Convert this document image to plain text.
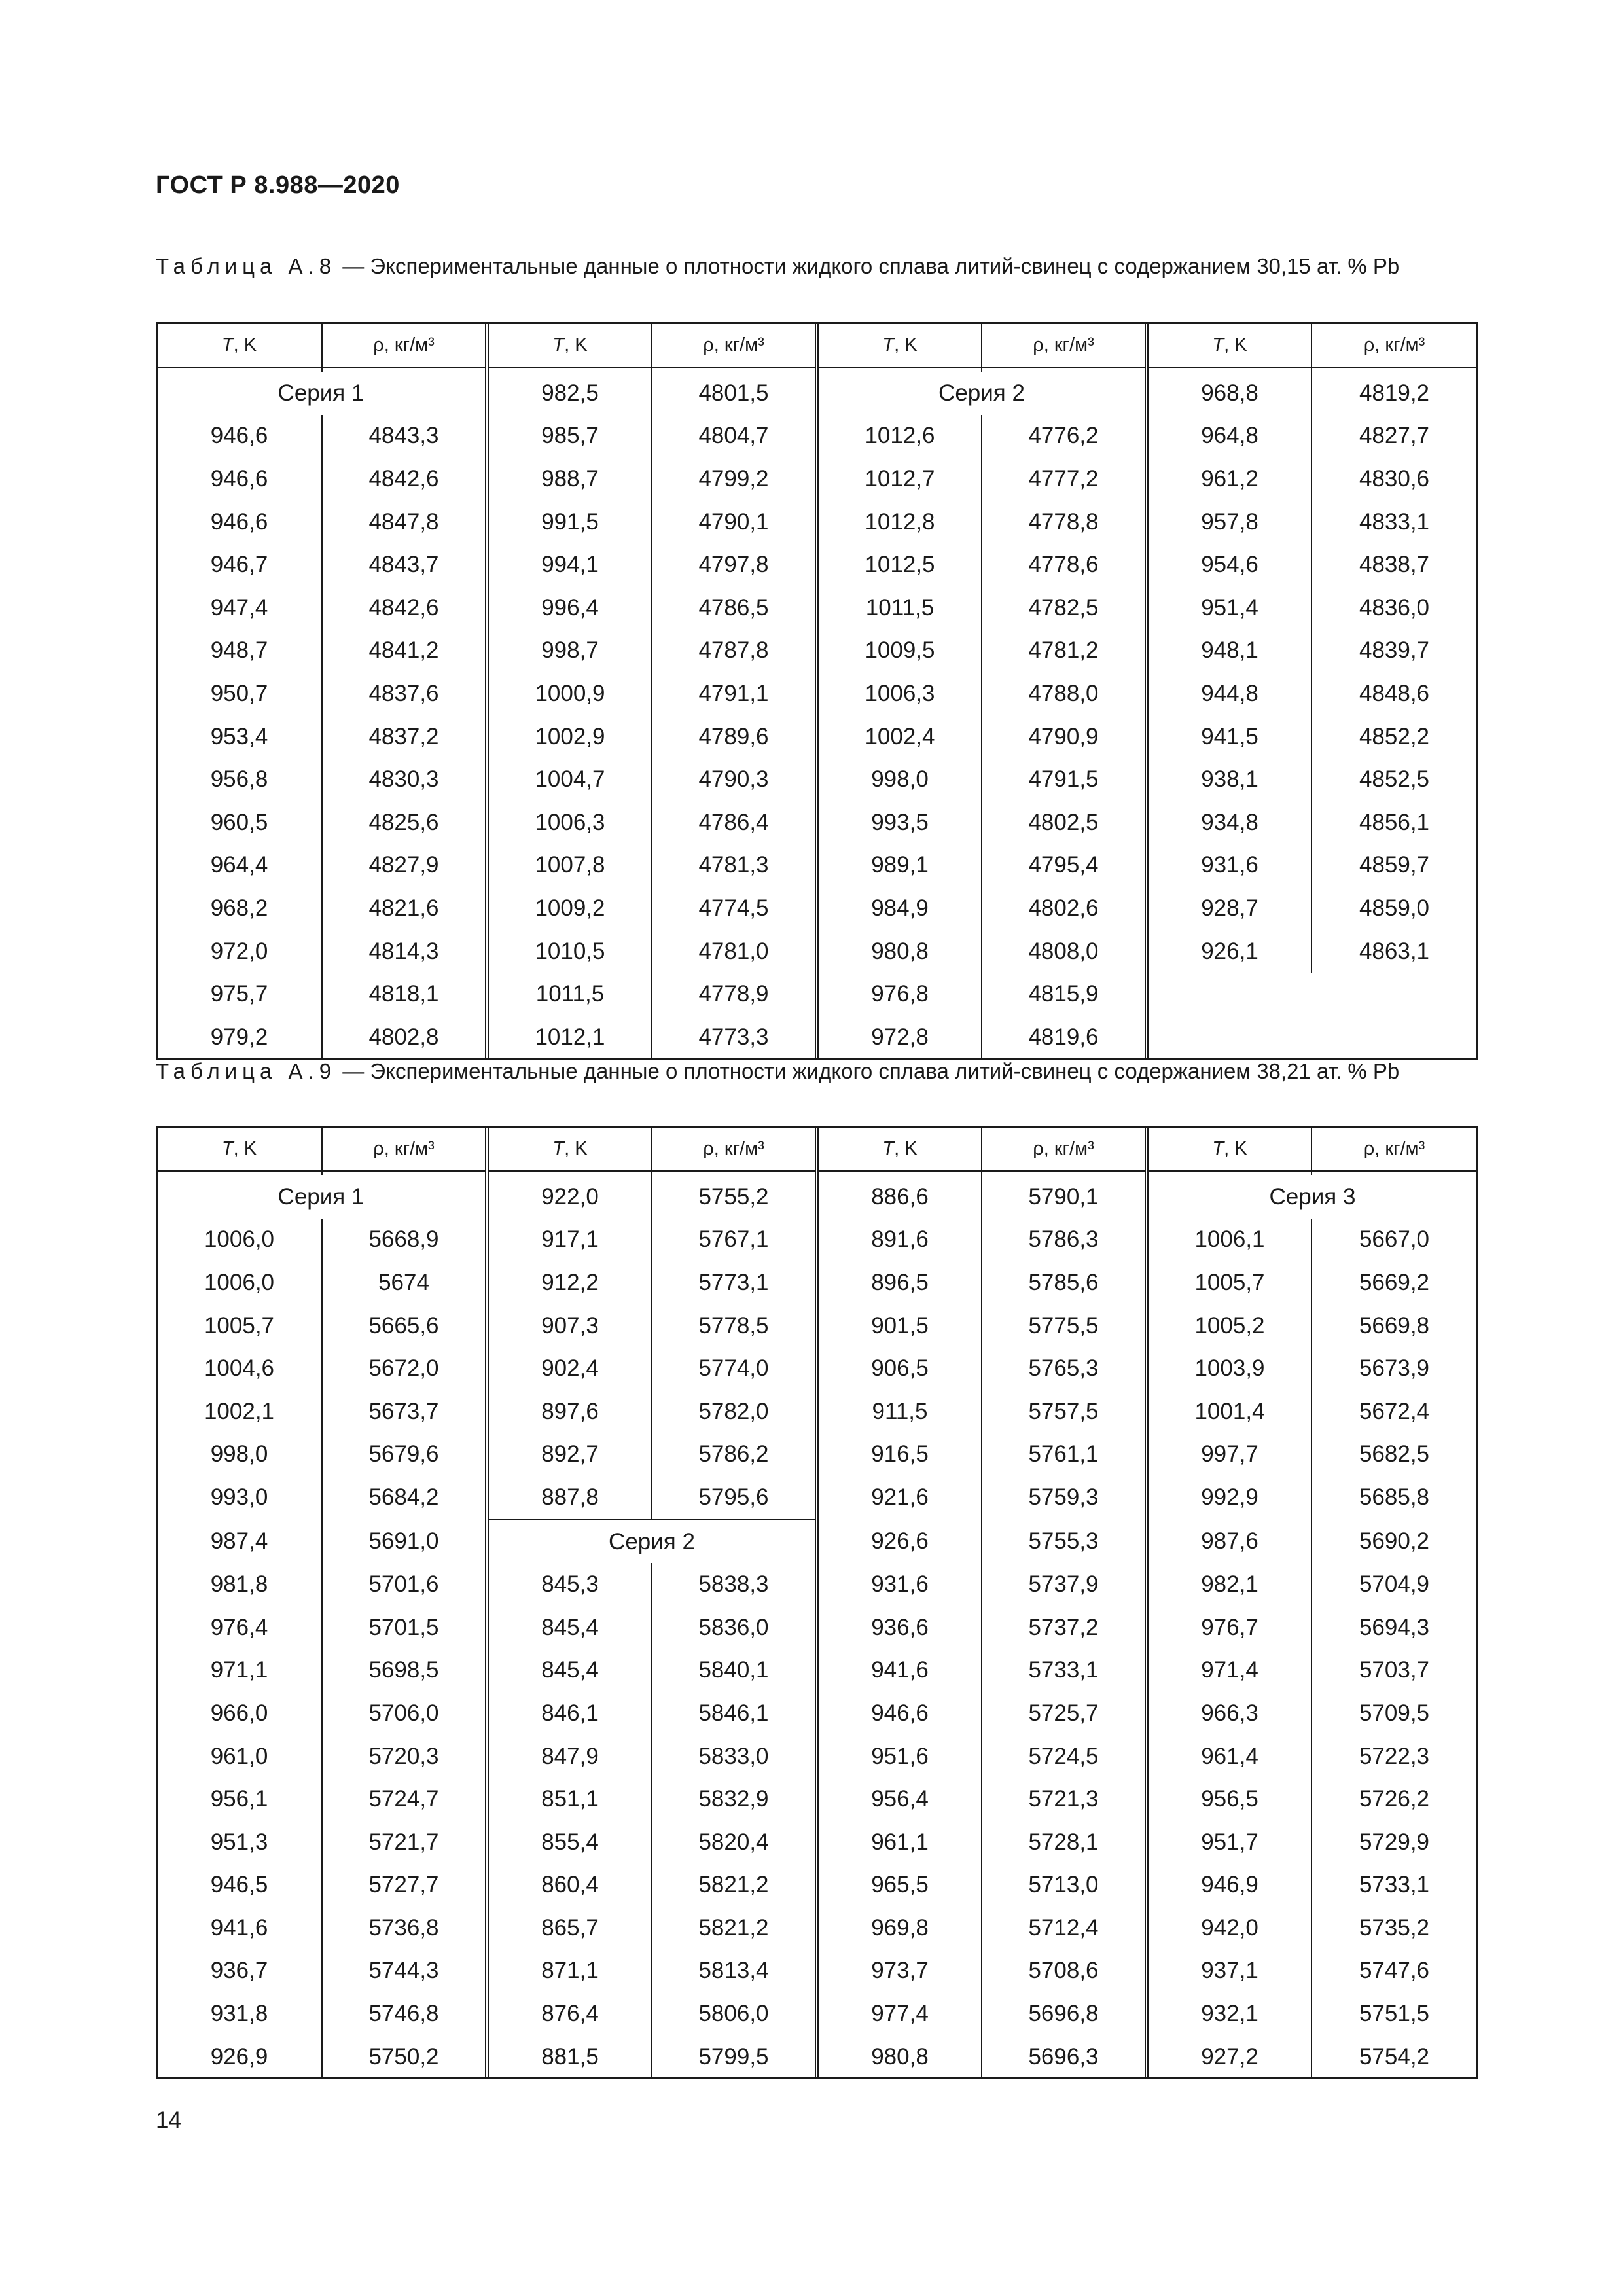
ГОСТ Р 8.988—2020
Таблица А.8 — Экспериментальные данные о плотности жидкого сплава литий-свинец с содержанием 30,15 ат. % Pb
T, K	ρ, кг/м³	T, K	ρ, кг/м³	T, K	ρ, кг/м³	T, K	ρ, кг/м³

Серия 1		982,5	4801,5	Серия 2		968,8	4819,2
946,6	4843,3	985,7	4804,7	1012,6	4776,2	964,8	4827,7
946,6	4842,6	988,7	4799,2	1012,7	4777,2	961,2	4830,6
946,6	4847,8	991,5	4790,1	1012,8	4778,8	957,8	4833,1
946,7	4843,7	994,1	4797,8	1012,5	4778,6	954,6	4838,7
947,4	4842,6	996,4	4786,5	1011,5	4782,5	951,4	4836,0
948,7	4841,2	998,7	4787,8	1009,5	4781,2	948,1	4839,7
950,7	4837,6	1000,9	4791,1	1006,3	4788,0	944,8	4848,6
953,4	4837,2	1002,9	4789,6	1002,4	4790,9	941,5	4852,2
956,8	4830,3	1004,7	4790,3	998,0	4791,5	938,1	4852,5
960,5	4825,6	1006,3	4786,4	993,5	4802,5	934,8	4856,1
964,4	4827,9	1007,8	4781,3	989,1	4795,4	931,6	4859,7
968,2	4821,6	1009,2	4774,5	984,9	4802,6	928,7	4859,0
972,0	4814,3	1010,5	4781,0	980,8	4808,0	926,1	4863,1
975,7	4818,1	1011,5	4778,9	976,8	4815,9		
979,2	4802,8	1012,1	4773,3	972,8	4819,6		
Таблица А.9 — Экспериментальные данные о плотности жидкого сплава литий-свинец с содержанием 38,21 ат. % Pb
T, K	ρ, кг/м³	T, K	ρ, кг/м³	T, K	ρ, кг/м³	T, K	ρ, кг/м³

Серия 1		922,0	5755,2	886,6	5790,1	Серия 3	
1006,0	5668,9	917,1	5767,1	891,6	5786,3	1006,1	5667,0
1006,0	5674	912,2	5773,1	896,5	5785,6	1005,7	5669,2
1005,7	5665,6	907,3	5778,5	901,5	5775,5	1005,2	5669,8
1004,6	5672,0	902,4	5774,0	906,5	5765,3	1003,9	5673,9
1002,1	5673,7	897,6	5782,0	911,5	5757,5	1001,4	5672,4
998,0	5679,6	892,7	5786,2	916,5	5761,1	997,7	5682,5
993,0	5684,2	887,8	5795,6	921,6	5759,3	992,9	5685,8
987,4	5691,0	Серия 2		926,6	5755,3	987,6	5690,2
981,8	5701,6	845,3	5838,3	931,6	5737,9	982,1	5704,9
976,4	5701,5	845,4	5836,0	936,6	5737,2	976,7	5694,3
971,1	5698,5	845,4	5840,1	941,6	5733,1	971,4	5703,7
966,0	5706,0	846,1	5846,1	946,6	5725,7	966,3	5709,5
961,0	5720,3	847,9	5833,0	951,6	5724,5	961,4	5722,3
956,1	5724,7	851,1	5832,9	956,4	5721,3	956,5	5726,2
951,3	5721,7	855,4	5820,4	961,1	5728,1	951,7	5729,9
946,5	5727,7	860,4	5821,2	965,5	5713,0	946,9	5733,1
941,6	5736,8	865,7	5821,2	969,8	5712,4	942,0	5735,2
936,7	5744,3	871,1	5813,4	973,7	5708,6	937,1	5747,6
931,8	5746,8	876,4	5806,0	977,4	5696,8	932,1	5751,5
926,9	5750,2	881,5	5799,5	980,8	5696,3	927,2	5754,2
14
